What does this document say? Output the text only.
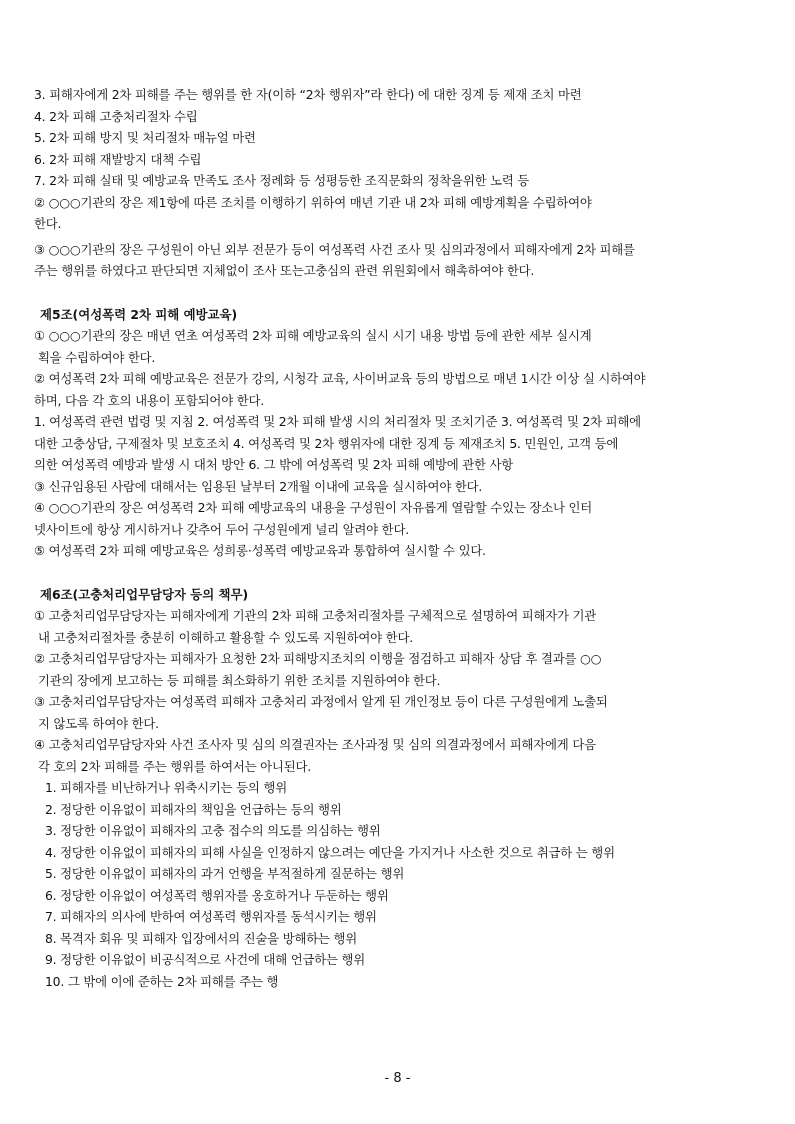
3. 피해자에게 2차 피해를 주는 행위를 한 자(이하 “2차 행위자”라 한다) 에 대한 징계 등 제재 조치 마련
4. 2차 피해 고충처리절차 수립
5. 2차 피해 방지 및 처리절차 매뉴얼 마련
6. 2차 피해 재발방지 대책 수립
7. 2차 피해 실태 및 예방교육 만족도 조사 정례화 등 성평등한 조직문화의 정착을위한 노력 등
② ○○○기관의 장은 제1항에 따른 조치를 이행하기 위하여 매년 기관 내 2차 피해 예방계획을 수립하여야
한다.
③ ○○○기관의 장은 구성원이 아닌 외부 전문가 등이 여성폭력 사건 조사 및 심의과정에서 피해자에게 2차 피해를
주는 행위를 하였다고 판단되면 지체없이 조사 또는고충심의 관련 위원회에서 해촉하여야 한다.
제5조(여성폭력 2차 피해 예방교육)
① ○○○기관의 장은 매년 연초 여성폭력 2차 피해 예방교육의 실시 시기 내용 방법 등에 관한 세부 실시계
획을 수립하여야 한다.
② 여성폭력 2차 피해 예방교육은 전문가 강의, 시청각 교육, 사이버교육 등의 방법으로 매년 1시간 이상 실 시하여야
하며, 다음 각 호의 내용이 포함되어야 한다.
1. 여성폭력 관련 법령 및 지침 2. 여성폭력 및 2차 피해 발생 시의 처리절차 및 조치기준 3. 여성폭력 및 2차 피해에
대한 고충상담, 구제절차 및 보호조치 4. 여성폭력 및 2차 행위자에 대한 징계 등 제재조치 5. 민원인, 고객 등에
의한 여성폭력 예방과 발생 시 대처 방안 6. 그 밖에 여성폭력 및 2차 피해 예방에 관한 사항
③ 신규임용된 사람에 대해서는 임용된 날부터 2개월 이내에 교육을 실시하여야 한다.
④ ○○○기관의 장은 여성폭력 2차 피해 예방교육의 내용을 구성원이 자유롭게 열람할 수있는 장소나 인터
넷사이트에 항상 게시하거나 갖추어 두어 구성원에게 널리 알려야 한다.
⑤ 여성폭력 2차 피해 예방교육은 성희롱·성폭력 예방교육과 통합하여 실시할 수 있다.
제6조(고충처리업무담당자 등의 책무)
① 고충처리업무담당자는 피해자에게 기관의 2차 피해 고충처리절차를 구체적으로 설명하여 피해자가 기관
내 고충처리절차를 충분히 이해하고 활용할 수 있도록 지원하여야 한다.
② 고충처리업무담당자는 피해자가 요청한 2차 피해방지조치의 이행을 점검하고 피해자 상담 후 결과를 ○○
기관의 장에게 보고하는 등 피해를 최소화하기 위한 조치를 지원하여야 한다.
③ 고충처리업무담당자는 여성폭력 피해자 고충처리 과정에서 알게 된 개인정보 등이 다른 구성원에게 노출되
지 않도록 하여야 한다.
④ 고충처리업무담당자와 사건 조사자 및 심의 의결권자는 조사과정 및 심의 의결과정에서 피해자에게 다음
각 호의 2차 피해를 주는 행위를 하여서는 아니된다.
1. 피해자를 비난하거나 위축시키는 등의 행위
2. 정당한 이유없이 피해자의 책임을 언급하는 등의 행위
3. 정당한 이유없이 피해자의 고충 접수의 의도를 의심하는 행위
4. 정당한 이유없이 피해자의 피해 사실을 인정하지 않으려는 예단을 가지거나 사소한 것으로 취급하 는 행위
5. 정당한 이유없이 피해자의 과거 언행을 부적절하게 질문하는 행위
6. 정당한 이유없이 여성폭력 행위자를 옹호하거나 두둔하는 행위
7. 피해자의 의사에 반하여 여성폭력 행위자를 동석시키는 행위
8. 목격자 회유 및 피해자 입장에서의 진술을 방해하는 행위
9. 정당한 이유없이 비공식적으로 사건에 대해 언급하는 행위
10. 그 밖에 이에 준하는 2차 피해를 주는 행
- 8 -
